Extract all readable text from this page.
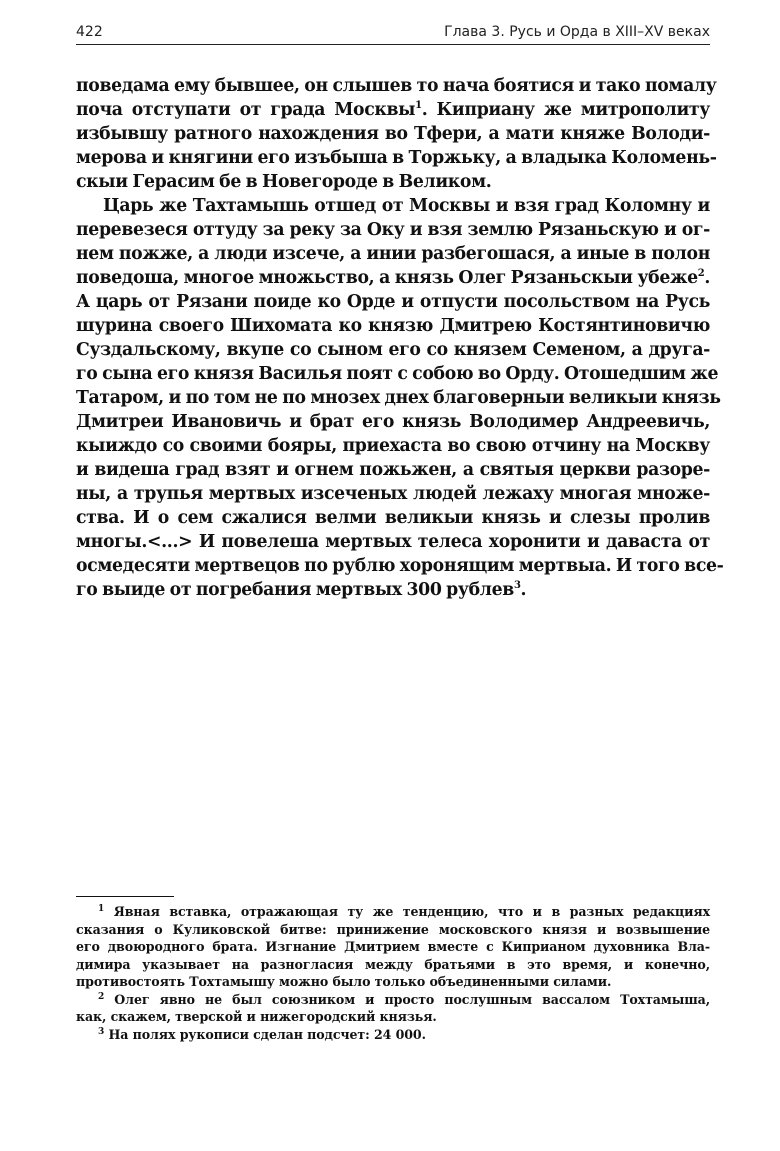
422	Глава 3. Русь и Орда в XIII–XV веках
поведама ему бывшее, он слышев то нача боятися и тако помалу
поча отступати от града Москвы$^1$. Киприану же митрополиту
избывшу ратного нахождения во Тфери, а мати княже Володи-
мерова и княгини его изъбыша в Торжьку, а владыка Коломень-
скыи Герасим бе в Новегороде в Великом.
Царь же Тахтамышь отшед от Москвы и взя град Коломну и
перевезеся оттуду за реку за Оку и взя землю Рязаньскую и ог-
нем пожже, а люди изсече, а инии разбегошася, а иные в полон
поведоша, многое множьство, а князь Олег Рязаньскыи убеже$^2$.
А царь от Рязани поиде ко Орде и отпусти посольством на Русь
шурина своего Шихомата ко князю Дмитрею Костянтиновичю
Суздальскому, вкупе со сыном его со князем Семеном, а друга-
го сына его князя Василья поят с собою во Орду. Отошедшим же
Татаром, и по том не по мнозех днех благоверныи великыи князь
Дмитреи Ивановичь и брат его князь Володимер Андреевичь,
кыиждо со своими бояры, приехаста во свою отчину на Москву
и видеша град взят и огнем пожьжен, а святыя церкви разоре-
ны, а трупья мертвых изсеченых людей лежаху многая множе-
ства. И о сем сжалися велми великыи князь и слезы пролив
многы.<...> И повелеша мертвых телеса хоронити и даваста от
осмедесяти мертвецов по рублю хоронящим мертвыа. И того все-
го выиде от погребания мертвых 300 рублев$^3$.
$^1$ Явная вставка, отражающая ту же тенденцию, что и в разных редакциях
сказания о Куликовской битве: принижение московского князя и возвышение
его двоюродного брата. Изгнание Дмитрием вместе с Киприаном духовника Вла-
димира указывает на разногласия между братьями в это время, и конечно,
противостоять Тохтамышу можно было только объединенными силами.
$^2$ Олег явно не был союзником и просто послушным вассалом Тохтамыша,
как, скажем, тверской и нижегородский князья.
$^3$ На полях рукописи сделан подсчет: 24 000.
